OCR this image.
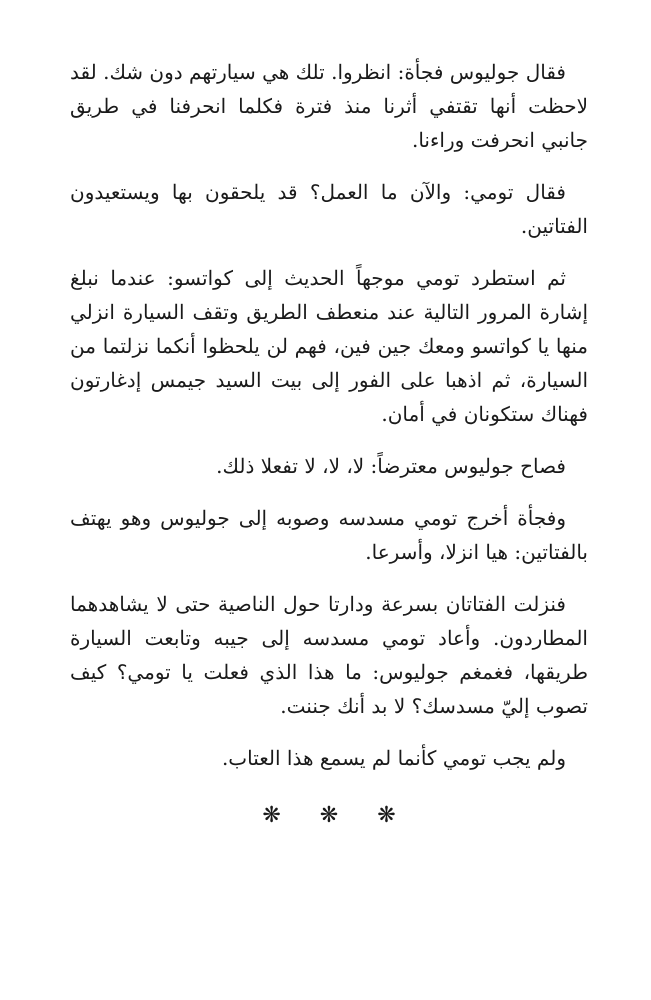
فقال جوليوس فجأة: انظروا. تلك هي سيارتهم دون شك. لقد لاحظت أنها تقتفي أثرنا منذ فترة فكلما انحرفنا في طريق جانبي انحرفت وراءنا.

فقال تومي: والآن ما العمل؟ قد يلحقون بها ويستعيدون الفتاتين.

ثم استطرد تومي موجهاً الحديث إلى كواتسو: عندما نبلغ إشارة المرور التالية عند منعطف الطريق وتقف السيارة انزلي منها يا كواتسو ومعك جين فين، فهم لن يلحظوا أنكما نزلتما من السيارة، ثم اذهبا على الفور إلى بيت السيد جيمس إدغارتون فهناك ستكونان في أمان.

فصاح جوليوس معترضاً: لا، لا، لا تفعلا ذلك.

وفجأة أخرج تومي مسدسه وصوبه إلى جوليوس وهو يهتف بالفتاتين: هيا انزلا، وأسرعا.

فنزلت الفتاتان بسرعة ودارتا حول الناصية حتى لا يشاهدهما المطاردون. وأعاد تومي مسدسه إلى جيبه وتابعت السيارة طريقها، فغمغم جوليوس: ما هذا الذي فعلت يا تومي؟ كيف تصوب إليّ مسدسك؟ لا بد أنك جننت.

ولم يجب تومي كأنما لم يسمع هذا العتاب.

❋ ❋ ❋
